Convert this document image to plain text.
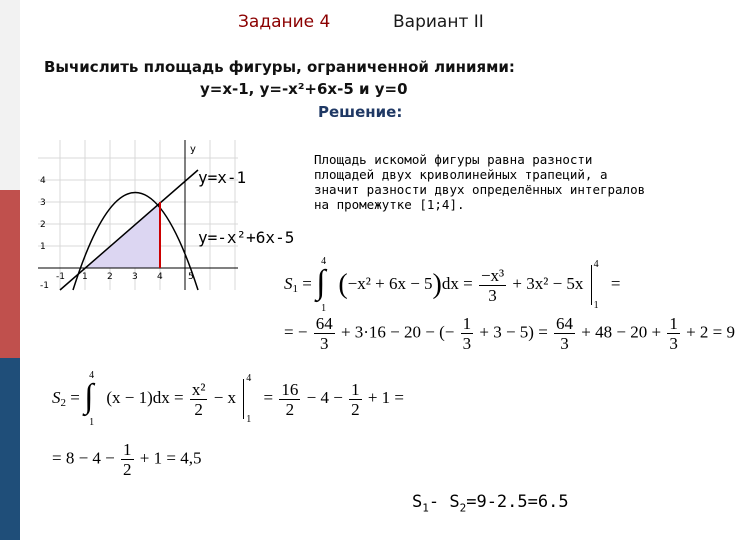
Задание 4	Вариант II
Вычислить площадь фигуры, ограниченной линиями:
y=x-1, y=-x²+6x-5 и y=0
Решение:
y
-1 1 2 3 4	5
4
3
2
1
-1
y=x-1
y=-x²+6x-5
Площадь искомой фигуры равна разности площадей двух криволинейных трапеций, а значит разности двух определённых интегралов на промежутке [1;4].
$S_1$ =
4
∫
1
$(-x^2 + 6x - 5)dx = \frac{\text{−x³}}{3} + 3x^2 - 5x$
4
1
=
= − $\frac{64}{3} + 3\cdot 16 - 20$ − (− $\frac{1}{3} + 3 - 5) = \frac{64}{3} + 48 - 20 + \frac{1}{3} + 2 = 9$
$S_2$ =
4
∫
1
$(x - 1)dx = \frac{\text{x²}}{2} - x$
4
1
= $\frac{16}{2} - 4 - \frac{1}{2} + 1$ =
= $8 - 4 - \frac{1}{2} + 1 = 4,5$
$S_1-$ $S_2=9-2.5=6.5$
